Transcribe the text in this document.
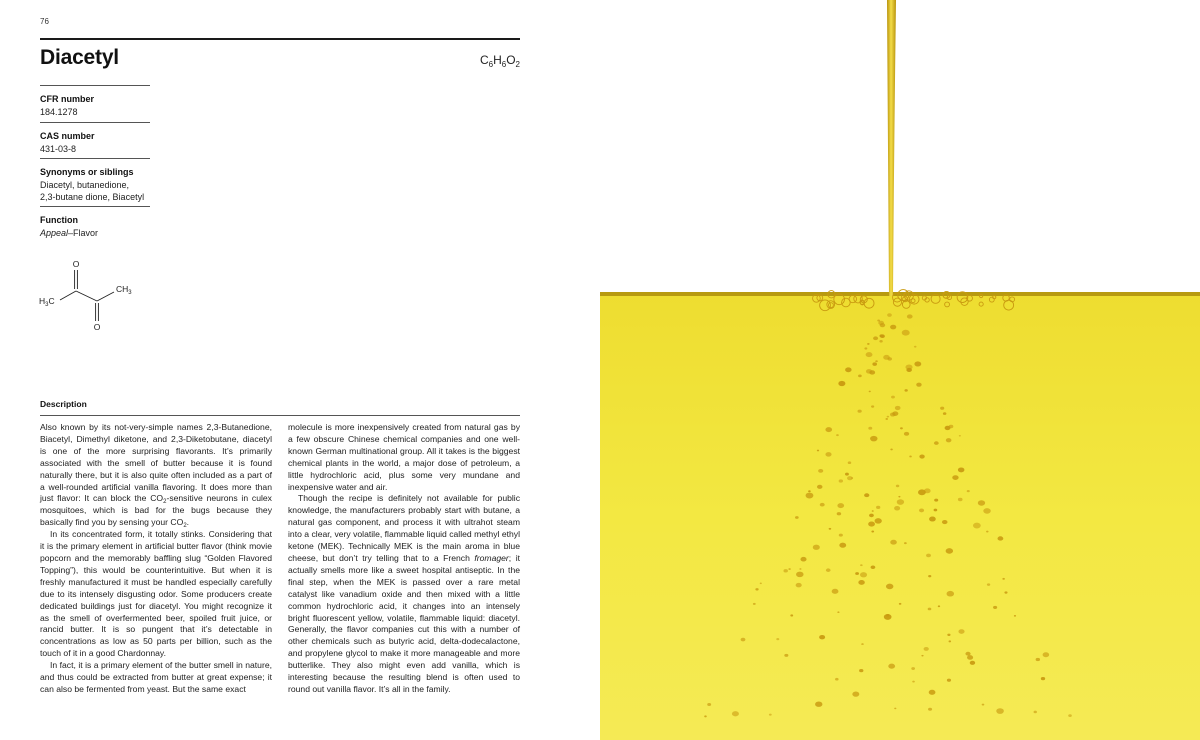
76
Diacetyl	$C_6H_6O_2$
CFR number
184.1278
CAS number
431-03-8
Synonyms or siblings
Diacetyl, butanedione,
2,3-butane dione, Biacetyl
Function
Appeal–Flavor
O
O
$H_3C$
$CH_3$
Description

Also known by its not-very-simple names 2,3-Butanedione, Biacetyl, Dimethyl diketone, and 2,3-Diketobutane, diacetyl is one of the more surprising flavorants. It’s primarily associated with the smell of butter because it is found naturally there, but it is also quite often included as a part of a well-rounded artificial vanilla flavoring. It does more than just flavor: It can block the $CO_2$-sensitive neurons in culex mosquitoes, which is bad for the bugs because they basically find you by sensing your $CO_2$.

In its concentrated form, it totally stinks. Considering that it is the primary element in artificial butter flavor (think movie popcorn and the memorably baffling slug “Golden Flavored Topping”), this would be counterintuitive. But when it is freshly manufactured it must be handled especially carefully due to its intensely disgusting odor. Some producers create dedicated buildings just for diacetyl. You might recognize it as the smell of overfermented beer, spoiled fruit juice, or rancid butter. It is so pungent that it’s detectable in concentrations as low as 50 parts per billion, such as the touch of it in a good Chardonnay.

In fact, it is a primary element of the butter smell in nature, and thus could be extracted from butter at great expense; it can also be fermented from yeast. But the same exact

molecule is more inexpensively created from natural gas by a few obscure Chinese chemical companies and one well-known German multinational group. All it takes is the biggest chemical plants in the world, a major dose of petroleum, a little hydrochloric acid, plus some very mundane and inexpensive water and air.

Though the recipe is definitely not available for public knowledge, the manufacturers probably start with butane, a natural gas component, and process it with ultrahot steam into a clear, very volatile, flammable liquid called methyl ethyl ketone (MEK). Technically MEK is the main aroma in blue cheese, but don’t try telling that to a French fromager; it actually smells more like a sweet hospital antiseptic. In the final step, when the MEK is passed over a rare metal catalyst like vanadium oxide and then mixed with a little common hydrochloric acid, it changes into an intensely bright fluorescent yellow, volatile, flammable liquid: diacetyl. Generally, the flavor companies cut this with a number of other chemicals such as butyric acid, delta-dodecalactone, and propylene glycol to make it more manageable and more butterlike. They also might even add vanilla, which is interesting because the resulting blend is often used to round out vanilla flavor. It’s all in the family.
